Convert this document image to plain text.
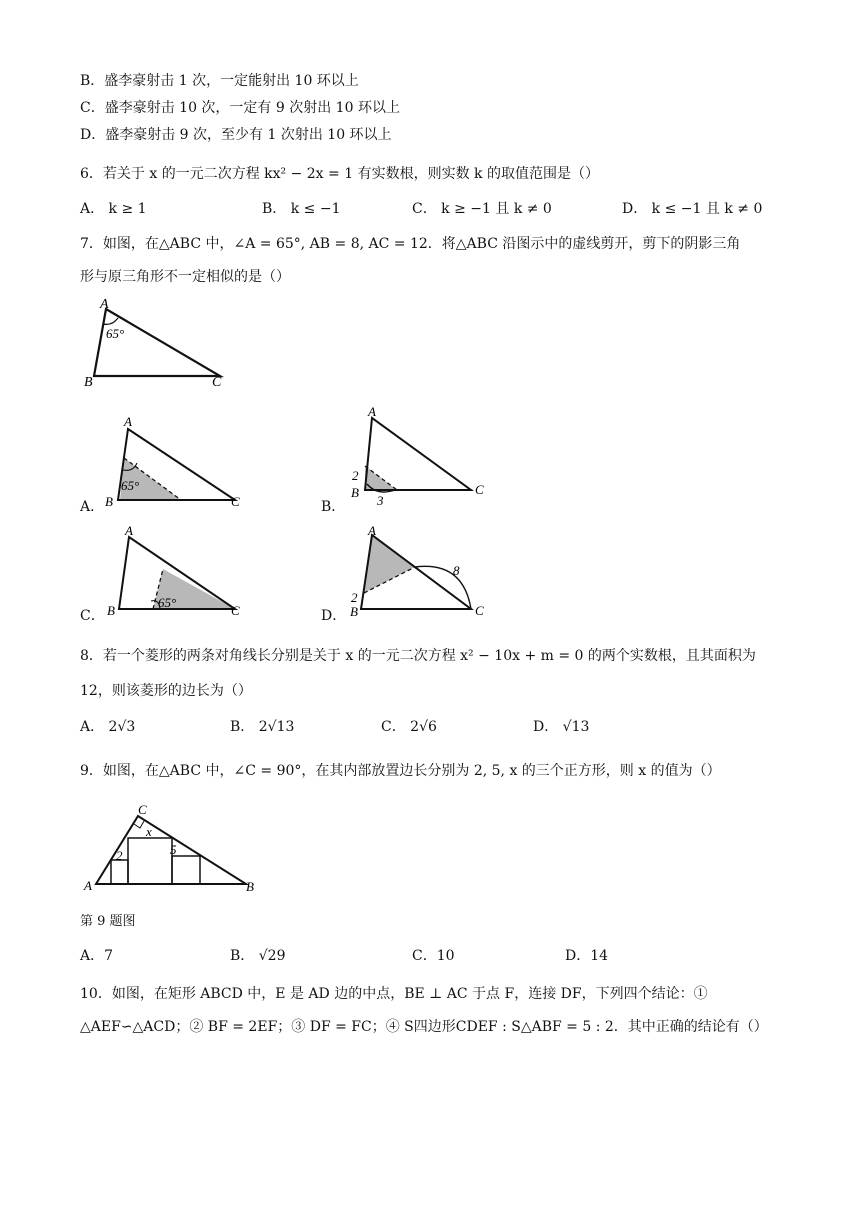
B．盛李豪射击 1 次，一定能射出 10 环以上
C．盛李豪射击 10 次，一定有 9 次射出 10 环以上
D．盛李豪射击 9 次，至少有 1 次射出 10 环以上
6．若关于 x 的一元二次方程 kx² − 2x = 1 有实数根，则实数 k 的取值范围是（）
A． k ≥ 1	B． k ≤ −1	C． k ≥ −1 且 k ≠ 0	D． k ≤ −1 且 k ≠ 0
7．如图，在△ABC 中，∠A = 65°, AB = 8, AC = 12．将△ABC 沿图示中的虚线剪开，剪下的阴影三角
形与原三角形不一定相似的是（）
A
B	C
65°
A．
A
B	C
65°
B．
A
2
B
3
C
C．
A
B	C
65°
D．
A
2
B
8
C
8．若一个菱形的两条对角线长分别是关于 x 的一元二次方程 x² − 10x + m = 0 的两个实数根，且其面积为
12，则该菱形的边长为（）
A． 2√3	B． 2√13	C． 2√6	D． √13
9．如图，在△ABC 中，∠C = 90°，在其内部放置边长分别为 2, 5, x 的三个正方形，则 x 的值为（）
C
x
2	5
A	B
第 9 题图
A．7	B． √29	C．10	D．14
10．如图，在矩形 ABCD 中，E 是 AD 边的中点，BE ⊥ AC 于点 F，连接 DF，下列四个结论：①
△AEF∽△ACD；② BF = 2EF；③ DF = FC；④ S四边形CDEF : S△ABF = 5 : 2．其中正确的结论有（）
